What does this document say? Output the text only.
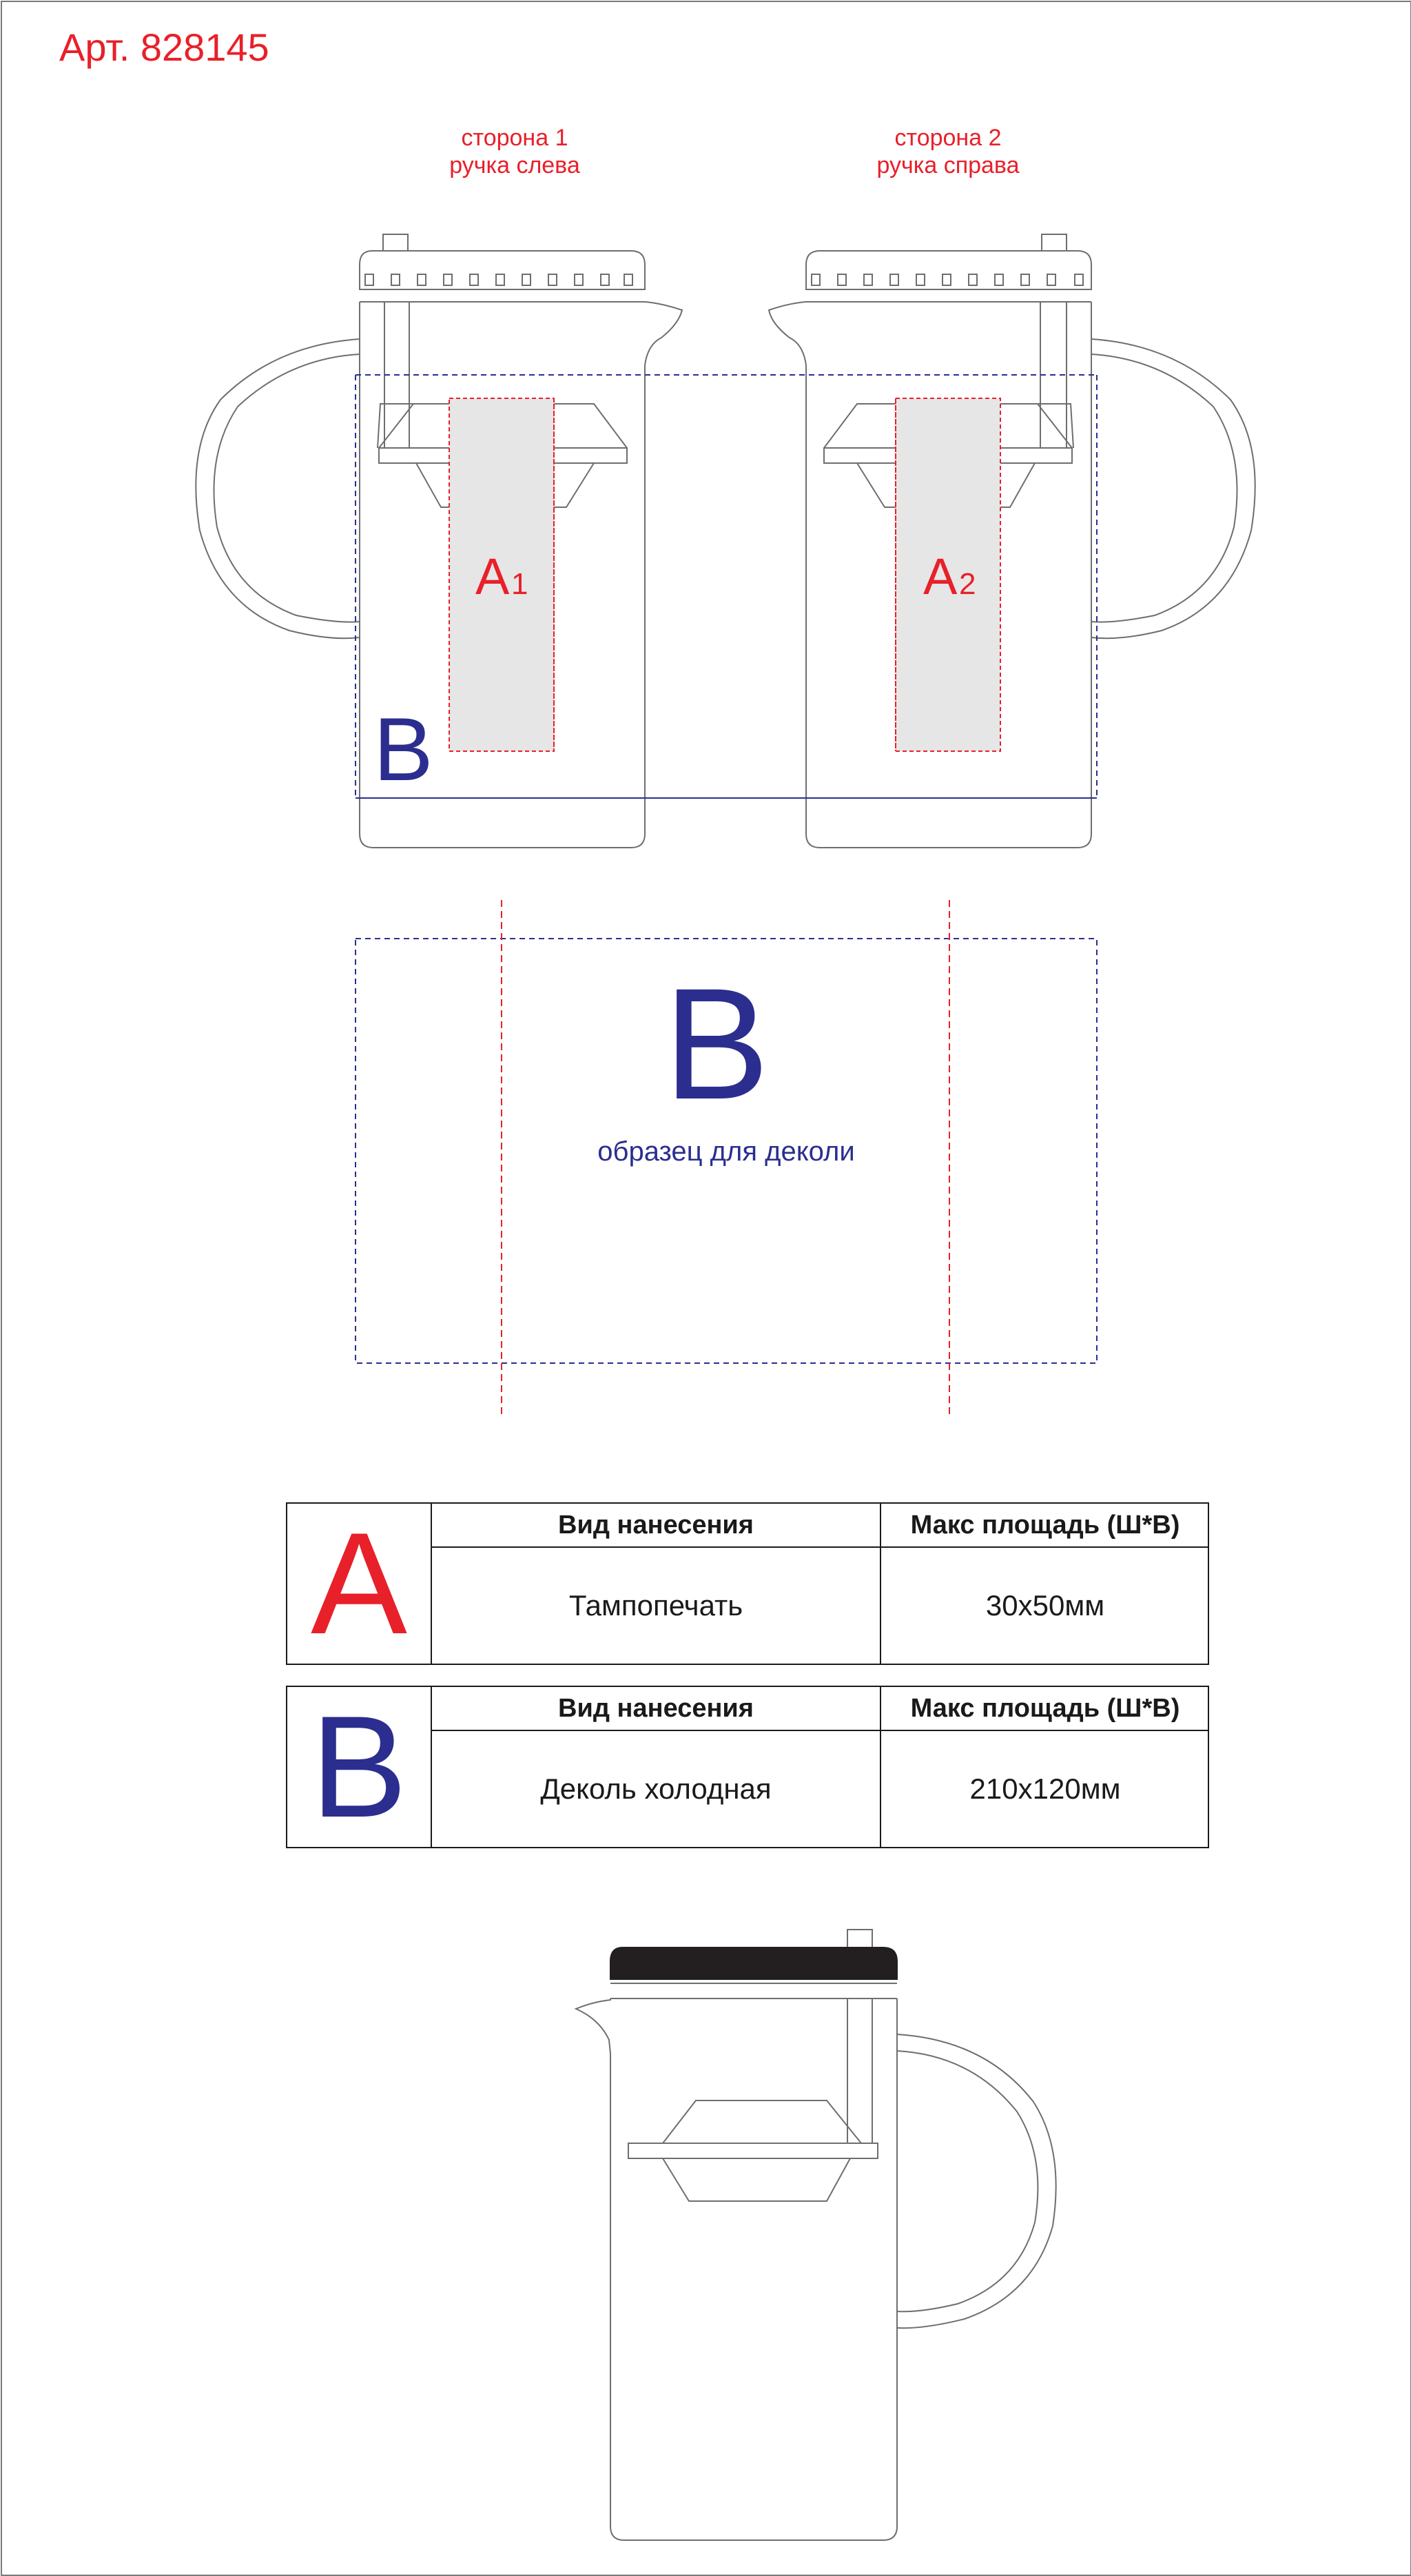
Арт. 828145
сторона 1
ручка слева
сторона 2
ручка справа
A 1	A 2
B
B
образец для деколи
A	Вид нанесения	Макс площадь (Ш*В)
Тампопечать	30x50мм
B	Вид нанесения	Макс площадь (Ш*В)
Деколь холодная	210x120мм
